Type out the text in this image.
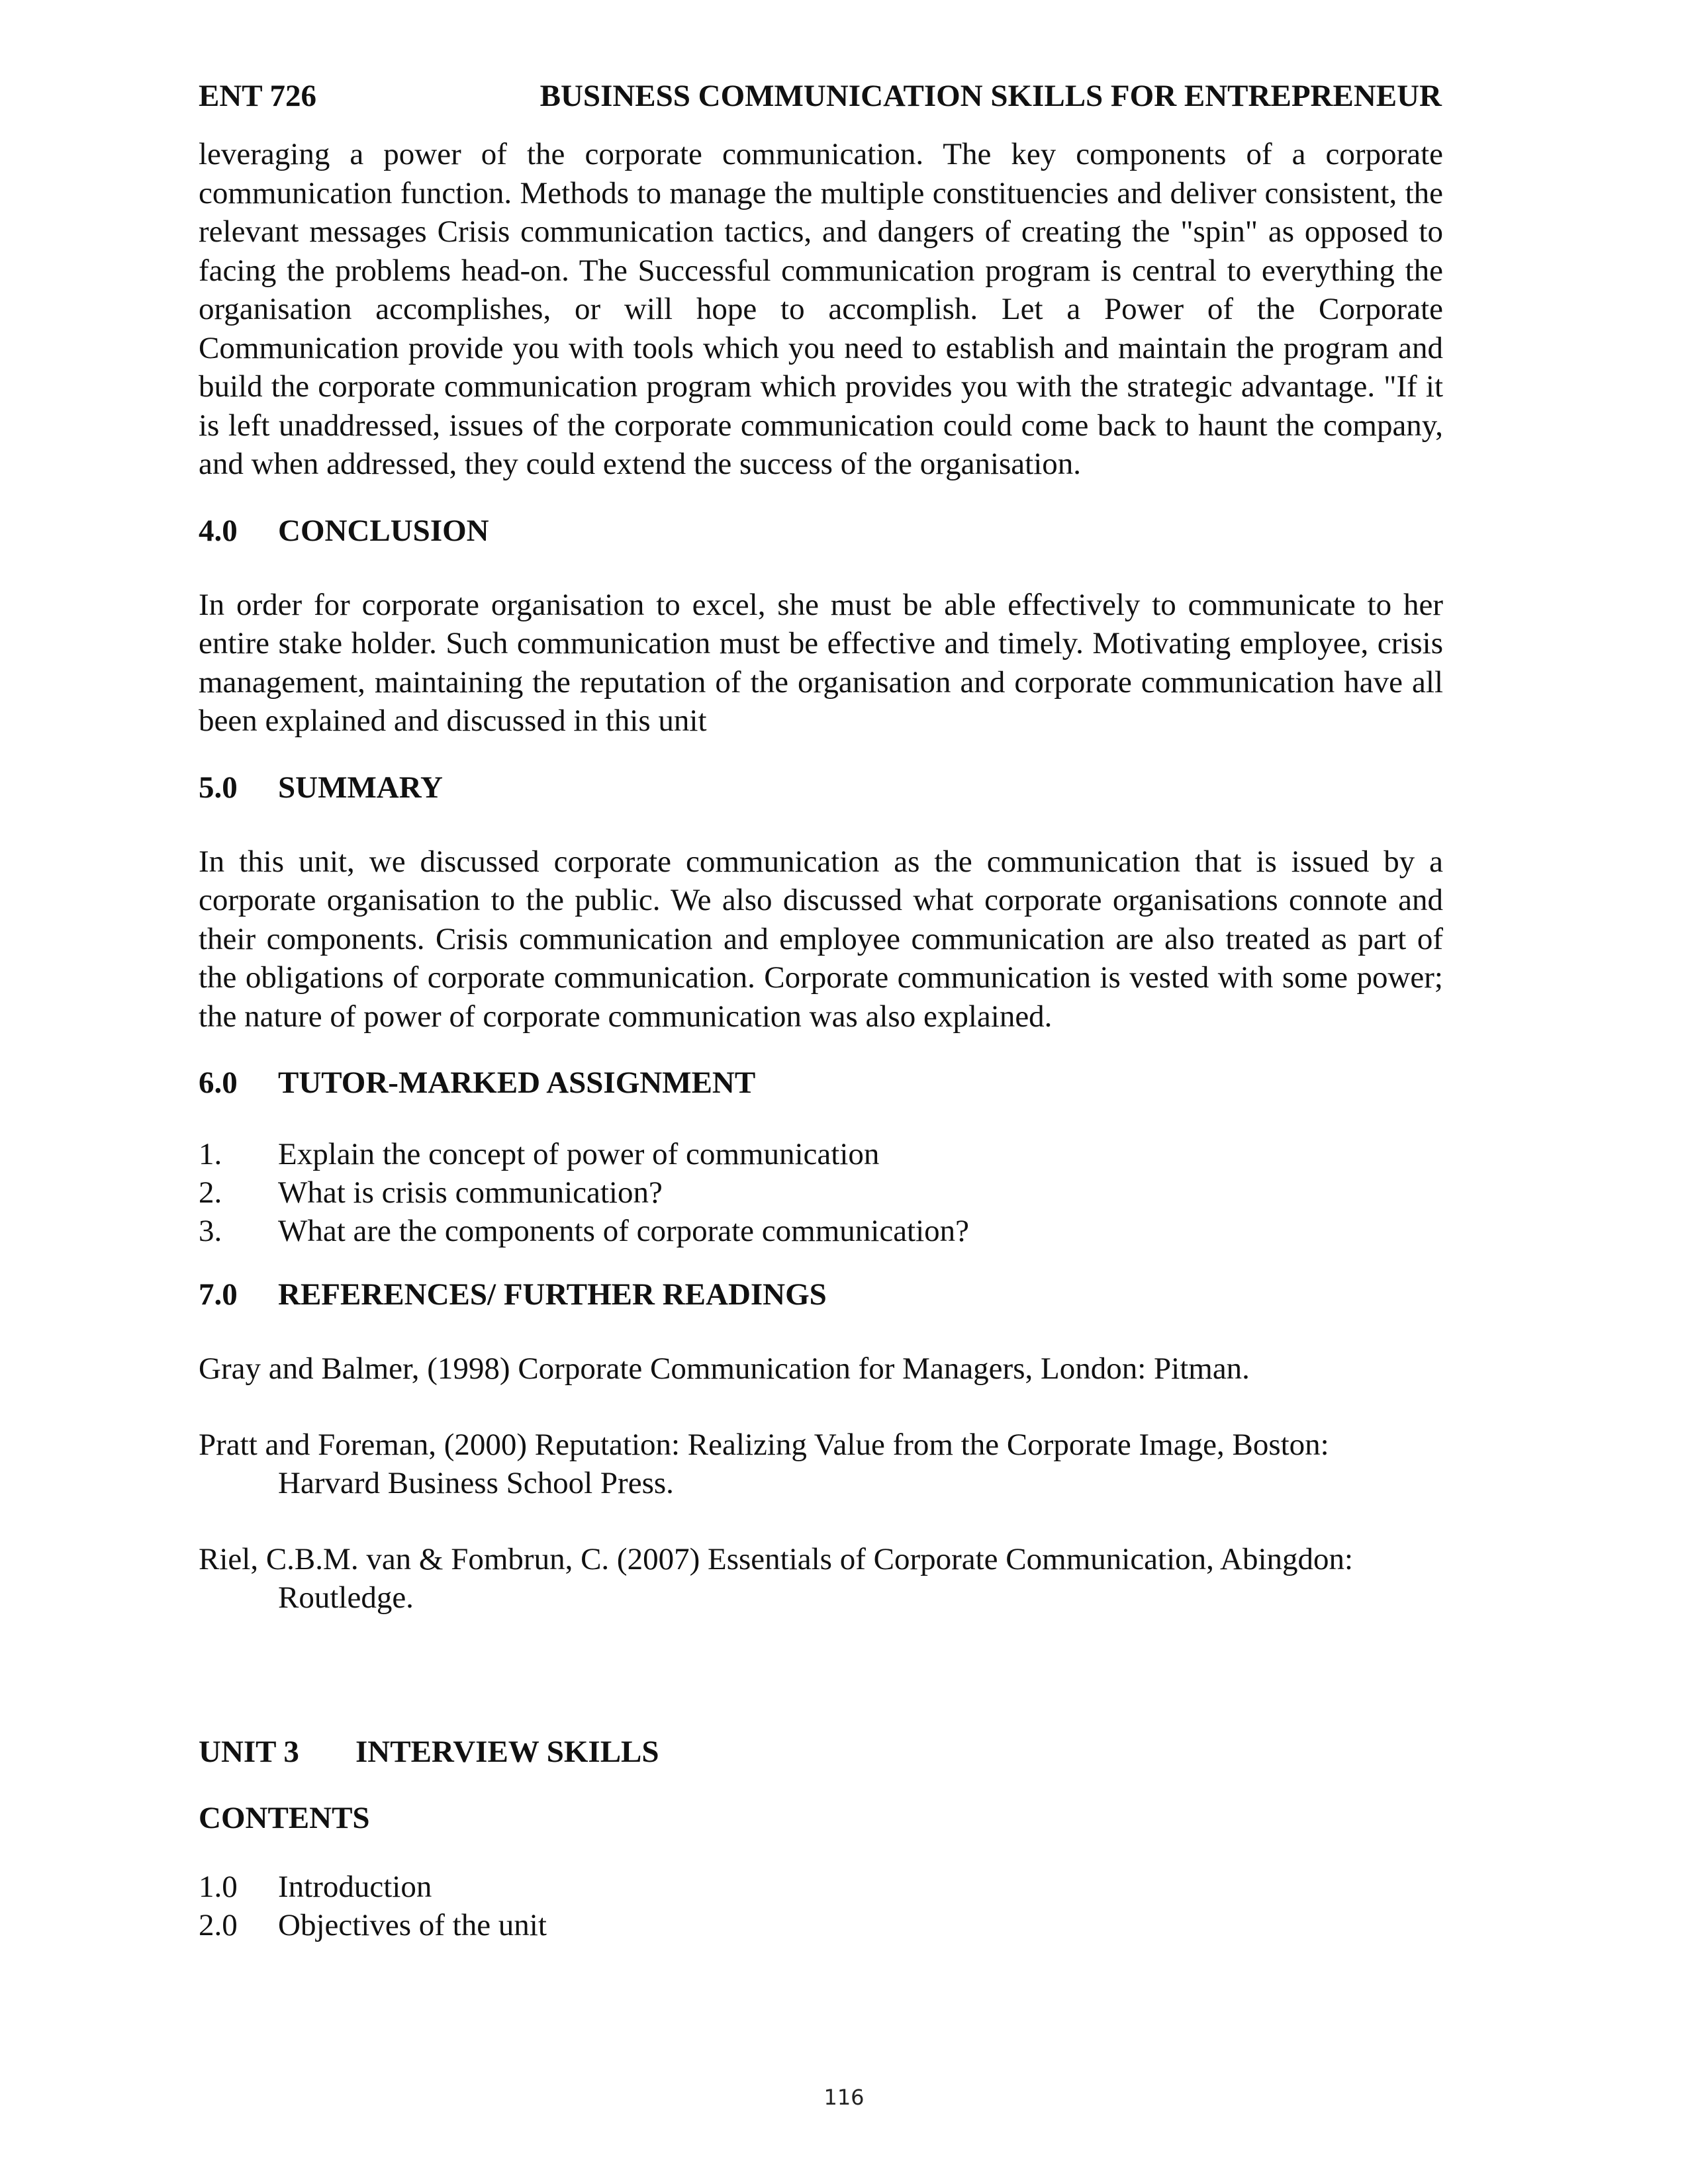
ENT 726	BUSINESS COMMUNICATION SKILLS FOR ENTREPRENEUR

leveraging a power of the corporate communication. The key components of a corporate communication function. Methods to manage the multiple constituencies and deliver consistent, the relevant messages Crisis communication tactics, and dangers of creating the "spin" as opposed to facing the problems head-on. The Successful communication program is central to everything the organisation accomplishes, or will hope to accomplish. Let a Power of the Corporate Communication provide you with tools which you need to establish and maintain the program and build the corporate communication program which provides you with the strategic advantage. "If it is left unaddressed, issues of the corporate communication could come back to haunt the company, and when addressed, they could extend the success of the organisation.

4.0	CONCLUSION

In order for corporate organisation to excel, she must be able effectively to communicate to her entire stake holder. Such communication must be effective and timely. Motivating employee, crisis management, maintaining the reputation of the organisation and corporate communication have all been explained and discussed in this unit

5.0	SUMMARY

In this unit, we discussed corporate communication as the communication that is issued by a corporate organisation to the public. We also discussed what corporate organisations connote and their components. Crisis communication and employee communication are also treated as part of the obligations of corporate communication. Corporate communication is vested with some power; the nature of power of corporate communication was also explained.

6.0	TUTOR-MARKED ASSIGNMENT
1.	Explain the concept of power of communication
2.	What is crisis communication?
3.	What are the components of corporate communication?
7.0	REFERENCES/ FURTHER READINGS

Gray and Balmer, (1998) Corporate Communication for Managers, London: Pitman.

Pratt and Foreman, (2000) Reputation: Realizing Value from the Corporate Image, Boston: Harvard Business School Press.

Riel, C.B.M. van & Fombrun, C. (2007) Essentials of Corporate Communication, Abingdon: Routledge.

UNIT 3	INTERVIEW SKILLS
CONTENTS
1.0	Introduction
2.0	Objectives of the unit
116
